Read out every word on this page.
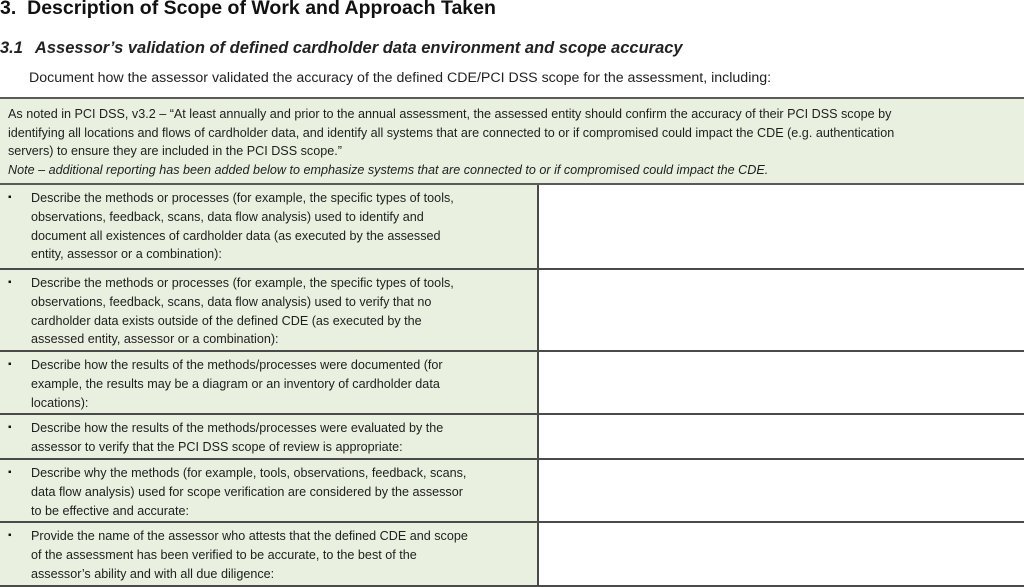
3. Description of Scope of Work and Approach Taken
3.1 Assessor’s validation of defined cardholder data environment and scope accuracy
Document how the assessor validated the accuracy of the defined CDE/PCI DSS scope for the assessment, including:
As noted in PCI DSS, v3.2 – “At least annually and prior to the annual assessment, the assessed entity should confirm the accuracy of their PCI DSS scope by
identifying all locations and flows of cardholder data, and identify all systems that are connected to or if compromised could impact the CDE (e.g. authentication
servers) to ensure they are included in the PCI DSS scope.”
Note – additional reporting has been added below to emphasize systems that are connected to or if compromised could impact the CDE.
▪	Describe the methods or processes (for example, the specific types of tools,
observations, feedback, scans, data flow analysis) used to identify and
document all existences of cardholder data (as executed by the assessed
entity, assessor or a combination):
▪	Describe the methods or processes (for example, the specific types of tools,
observations, feedback, scans, data flow analysis) used to verify that no
cardholder data exists outside of the defined CDE (as executed by the
assessed entity, assessor or a combination):
▪	Describe how the results of the methods/processes were documented (for
example, the results may be a diagram or an inventory of cardholder data
locations):
▪	Describe how the results of the methods/processes were evaluated by the
assessor to verify that the PCI DSS scope of review is appropriate:
▪	Describe why the methods (for example, tools, observations, feedback, scans,
data flow analysis) used for scope verification are considered by the assessor
to be effective and accurate:
▪	Provide the name of the assessor who attests that the defined CDE and scope
of the assessment has been verified to be accurate, to the best of the
assessor’s ability and with all due diligence:
